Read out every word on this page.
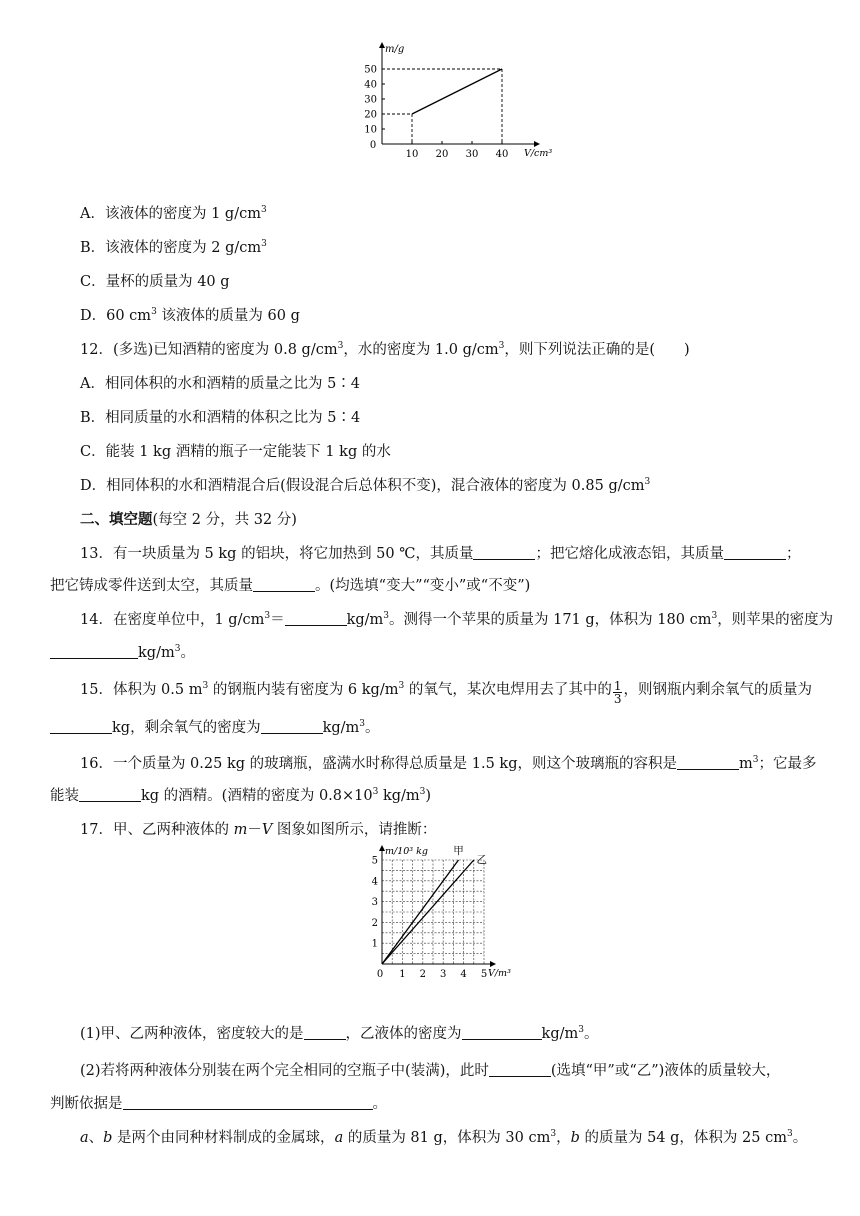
m/g
V/cm³
0
10 20 30 40
10
20
30
40
50
A．该液体的密度为 1 $g/cm^3$
B．该液体的密度为 2 $g/cm^3$
C．量杯的质量为 40 g
D．60 $cm^3$ 该液体的质量为 60 g
12．(多选)已知酒精的密度为 0.8 $g/cm^3$，水的密度为 1.0 $g/cm^3$，则下列说法正确的是(　　)
A．相同体积的水和酒精的质量之比为 5∶4
B．相同质量的水和酒精的体积之比为 5∶4
C．能装 1 kg 酒精的瓶子一定能装下 1 kg 的水
D．相同体积的水和酒精混合后(假设混合后总体积不变)，混合液体的密度为 0.85 $g/cm^3$
二、填空题(每空 2 分，共 32 分)
13．有一块质量为 5 kg 的铝块，将它加热到 50 ℃，其质量	；把它熔化成液态铝，其质量	；
把它铸成零件送到太空，其质量	。(均选填“变大”“变小”或“不变”)
14．在密度单位中，1 $g/cm^3=$	$kg/m^3$。测得一个苹果的质量为 171 g，体积为 180 $cm^3$，则苹果的密度为
$kg/m^3$。
15．体积为 0.5 $m^3$ 的钢瓶内装有密度为 6 $kg/m^3$ 的氧气，某次电焊用去了其中的 $\frac{1}{3}$ ，则钢瓶内剩余氧气的质量为
kg，剩余氧气的密度为	$kg/m^3$。
16．一个质量为 0.25 kg 的玻璃瓶，盛满水时称得总质量是 1.5 kg，则这个玻璃瓶的容积是	$m^3$；它最多
能装	kg 的酒精。(酒精的密度为 $0.8\times 10^3$ $kg/m^3$)
17．甲、乙两种液体的 m－V 图象如图所示，请推断：
m/10³ kg
V/m³
0 1 2 3 4 5
1
2
3
4
5
甲
乙
(1)甲、乙两种液体，密度较大的是	，乙液体的密度为	$kg/m^3$。
(2)若将两种液体分别装在两个完全相同的空瓶子中(装满)，此时	(选填“甲”或“乙”)液体的质量较大，
判断依据是	。
a、b 是两个由同种材料制成的金属球，a 的质量为 81 g，体积为 30 $cm^3$，b 的质量为 54 g，体积为 25 $cm^3$。
